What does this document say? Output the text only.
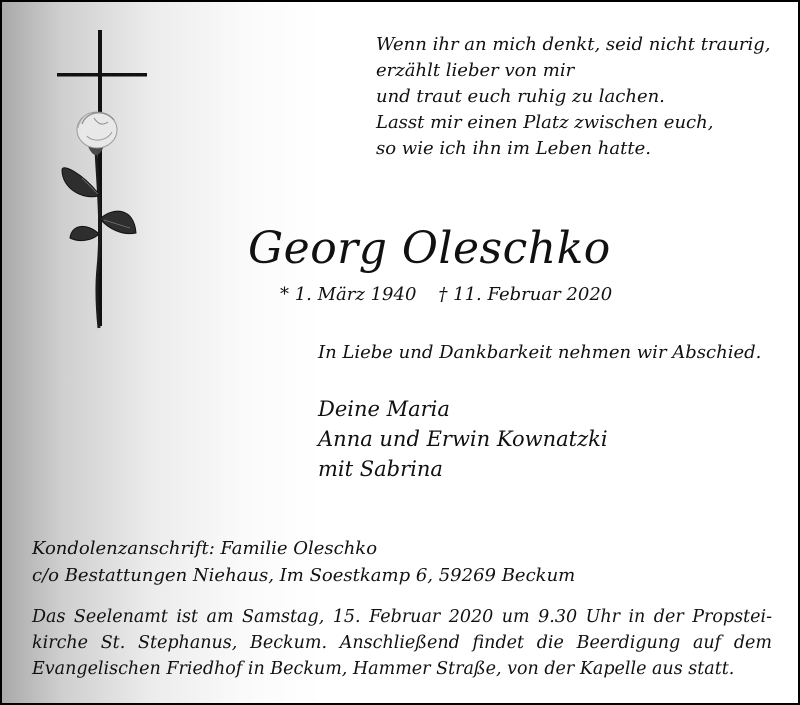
Wenn ihr an mich denkt, seid nicht traurig,
erzählt lieber von mir
und traut euch ruhig zu lachen.
Lasst mir einen Platz zwischen euch,
so wie ich ihn im Leben hatte.
Georg Oleschko
* 1. März 1940 † 11. Februar 2020
In Liebe und Dankbarkeit nehmen wir Abschied.
Deine Maria
Anna und Erwin Kownatzki
mit Sabrina
Kondolenzanschrift: Familie Oleschko
c/o Bestattungen Niehaus, Im Soestkamp 6, 59269 Beckum
Das Seelenamt ist am Samstag, 15. Februar 2020 um 9.30 Uhr in der Propstei-
kirche St. Stephanus, Beckum. Anschließend findet die Beerdigung auf dem
Evangelischen Friedhof in Beckum, Hammer Straße, von der Kapelle aus statt.
